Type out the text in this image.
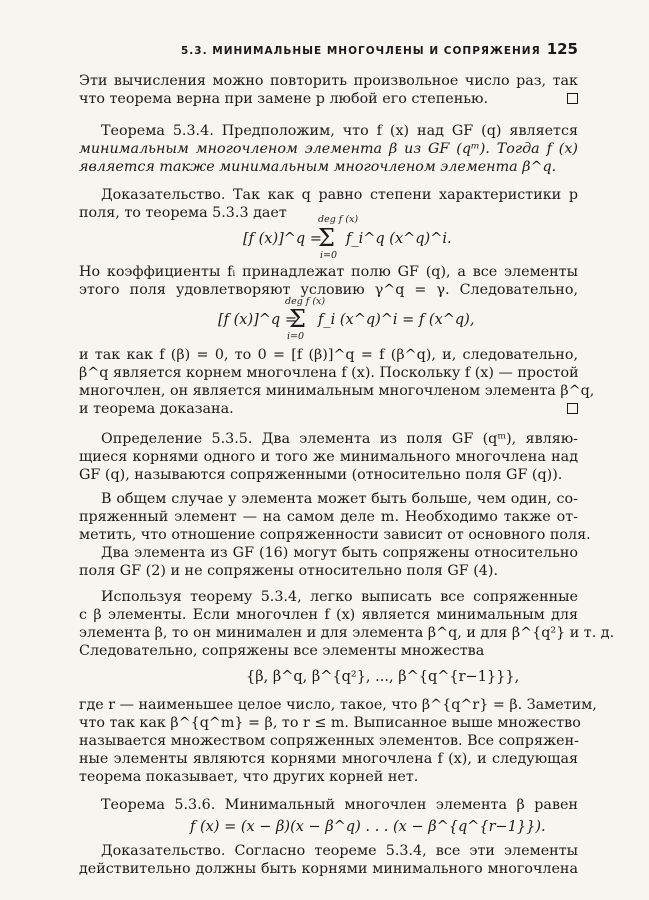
5.3. МИНИМАЛЬНЫЕ МНОГОЧЛЕНЫ И СОПРЯЖЕНИЯ 125
Эти вычисления можно повторить произвольное число раз, так
что теорема верна при замене p любой его степенью.
Теорема 5.3.4. Предположим, что f (x) над GF (q) является
минимальным многочленом элемента β из GF (qᵐ). Тогда f (x)
является также минимальным многочленом элемента β^q.
Доказательство. Так как q равно степени характеристики p
поля, то теорема 5.3.3 дает	deg f (x)
[f (x)]^q =
Σ
i=0
f_i^q (x^q)^i.
Но коэффициенты fᵢ принадлежат полю GF (q), а все элементы
этого поля удовлетворяют условию γ^q = γ. Следовательно,
deg f (x)
[f (x)]^q =
Σ
i=0
f_i (x^q)^i = f (x^q),
и так как f (β) = 0, то 0 = [f (β)]^q = f (β^q), и, следовательно,
β^q является корнем многочлена f (x). Поскольку f (x) — простой
многочлен, он является минимальным многочленом элемента β^q,
и теорема доказана.
Определение 5.3.5. Два элемента из поля GF (qᵐ), являю-
щиеся корнями одного и того же минимального многочлена над
GF (q), называются сопряженными (относительно поля GF (q)).
В общем случае у элемента может быть больше, чем один, со-
пряженный элемент — на самом деле m. Необходимо также от-
метить, что отношение сопряженности зависит от основного поля.
Два элемента из GF (16) могут быть сопряжены относительно
поля GF (2) и не сопряжены относительно поля GF (4).
Используя теорему 5.3.4, легко выписать все сопряженные
с β элементы. Если многочлен f (x) является минимальным для
элемента β, то он минимален и для элемента β^q, и для β^{q²} и т. д.
Следовательно, сопряжены все элементы множества
{β, β^q, β^{q²}, ..., β^{q^{r−1}}},
где r — наименьшее целое число, такое, что β^{q^r} = β. Заметим,
что так как β^{q^m} = β, то r ≤ m. Выписанное выше множество
называется множеством сопряженных элементов. Все сопряжен-
ные элементы являются корнями многочлена f (x), и следующая
теорема показывает, что других корней нет.
Теорема 5.3.6. Минимальный многочлен элемента β равен
f (x) = (x − β)(x − β^q) . . . (x − β^{q^{r−1}}).
Доказательство. Согласно теореме 5.3.4, все эти элементы
действительно должны быть корнями минимального многочлена
